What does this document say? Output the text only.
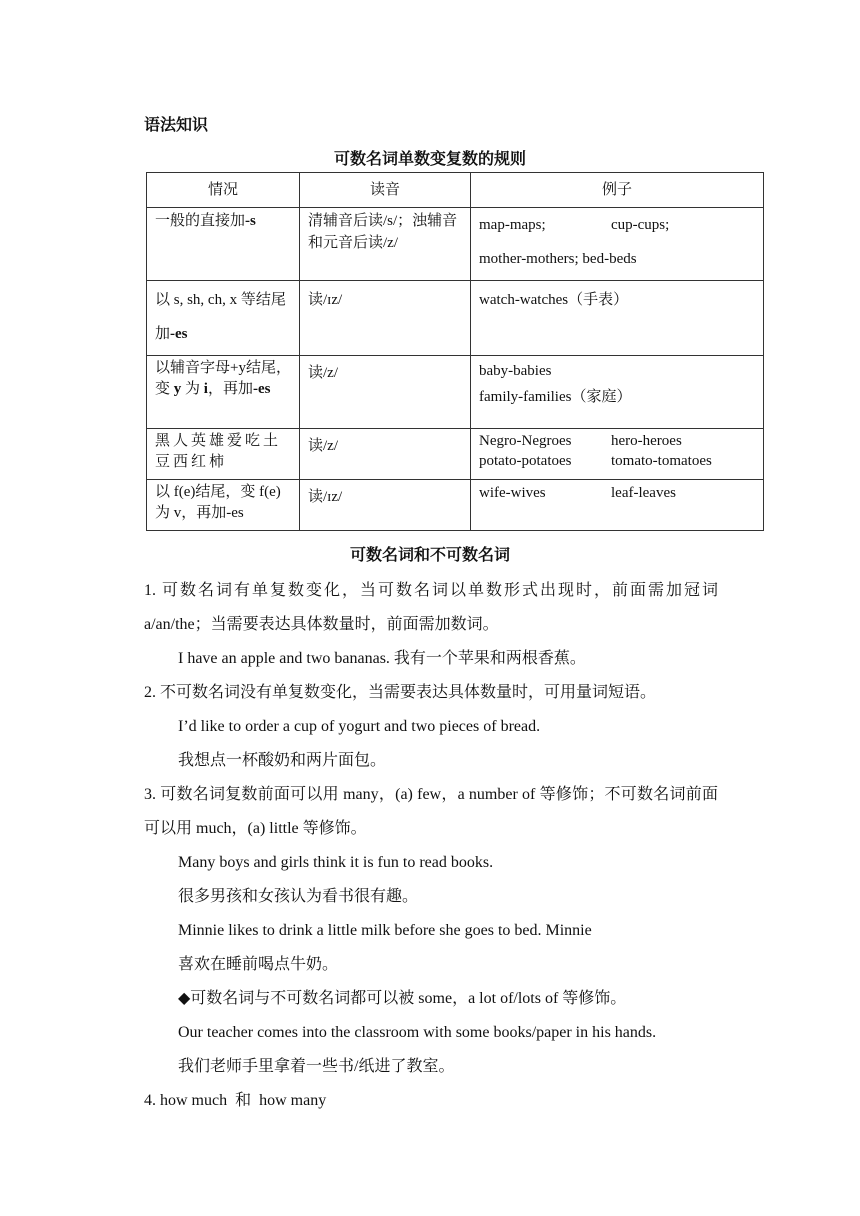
语法知识
可数名词单数变复数的规则
情况	读音	例子
一般的直接加-s	清辅音后读/s/；浊辅音和元音后读/z/	map-maps; cup-cups;
mother-mothers; bed-beds

以 s, sh, ch, x 等结尾加-es	读/ɪz/	watch-watches（手表）
以辅音字母+y结尾，变 y 为 i，再加-es	读/z/	baby-babies
family-families（家庭）

黑人英雄爱吃土豆西红柿	读/z/	Negro-Negroes hero-heroes
potato-potatoes tomato-tomatoes

以 f(e)结尾，变 f(e)为 v，再加-es	读/ɪz/	wife-wives leaf-leaves
可数名词和不可数名词

1. 可数名词有单复数变化，当可数名词以单数形式出现时，前面需加冠词a/an/the；当需要表达具体数量时，前面需加数词。

I have an apple and two bananas. 我有一个苹果和两根香蕉。

2. 不可数名词没有单复数变化，当需要表达具体数量时，可用量词短语。

I’d like to order a cup of yogurt and two pieces of bread.

我想点一杯酸奶和两片面包。

3. 可数名词复数前面可以用 many，(a) few，a number of 等修饰；不可数名词前面可以用 much，(a) little 等修饰。

Many boys and girls think it is fun to read books.

很多男孩和女孩认为看书很有趣。

Minnie likes to drink a little milk before she goes to bed. Minnie

喜欢在睡前喝点牛奶。

◆可数名词与不可数名词都可以被 some，a lot of/lots of 等修饰。

Our teacher comes into the classroom with some books/paper in his hands.

我们老师手里拿着一些书/纸进了教室。

4. how much  和  how many
